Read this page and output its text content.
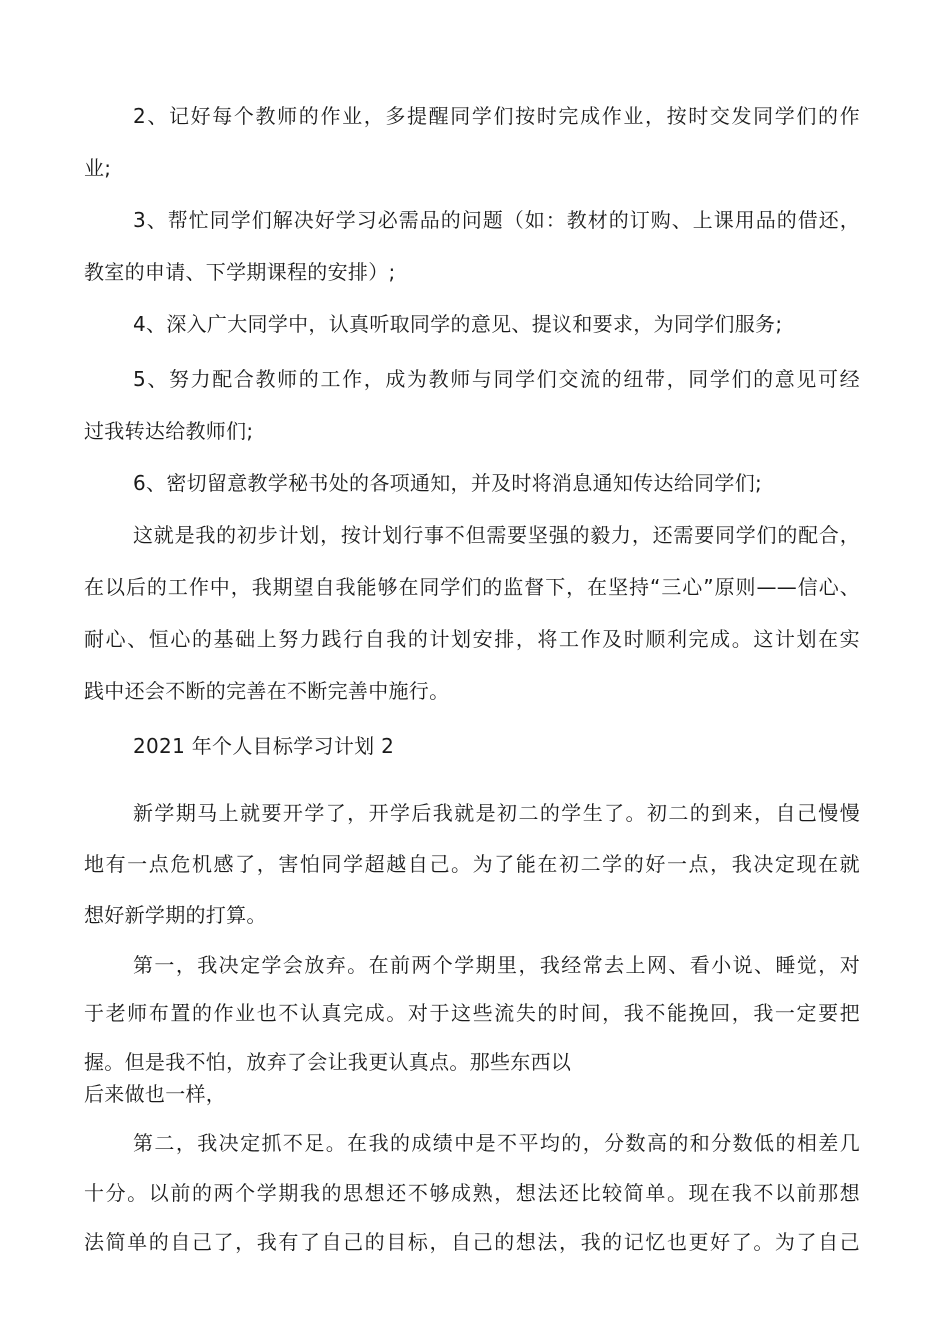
2、记好每个教师的作业，多提醒同学们按时完成作业，按时交发同学们的作
业;
3、帮忙同学们解决好学习必需品的问题（如：教材的订购、上课用品的借还，
教室的申请、下学期课程的安排）;
4、深入广大同学中，认真听取同学的意见、提议和要求，为同学们服务;
5、努力配合教师的工作，成为教师与同学们交流的纽带，同学们的意见可经
过我转达给教师们;
6、密切留意教学秘书处的各项通知，并及时将消息通知传达给同学们;
这就是我的初步计划，按计划行事不但需要坚强的毅力，还需要同学们的配合，
在以后的工作中，我期望自我能够在同学们的监督下，在坚持“三心”原则——信心、
耐心、恒心的基础上努力践行自我的计划安排，将工作及时顺利完成。这计划在实
践中还会不断的完善在不断完善中施行。
2021 年个人目标学习计划 2
新学期马上就要开学了，开学后我就是初二的学生了。初二的到来，自己慢慢
地有一点危机感了，害怕同学超越自己。为了能在初二学的好一点，我决定现在就
想好新学期的打算。
第一，我决定学会放弃。在前两个学期里，我经常去上网、看小说、睡觉，对
于老师布置的作业也不认真完成。对于这些流失的时间，我不能挽回，我一定要把
握。但是我不怕，放弃了会让我更认真点。那些东西以
后来做也一样，
第二，我决定抓不足。在我的成绩中是不平均的，分数高的和分数低的相差几
十分。以前的两个学期我的思想还不够成熟，想法还比较简单。现在我不以前那想
法简单的自己了，我有了自己的目标，自己的想法，我的记忆也更好了。为了自己
